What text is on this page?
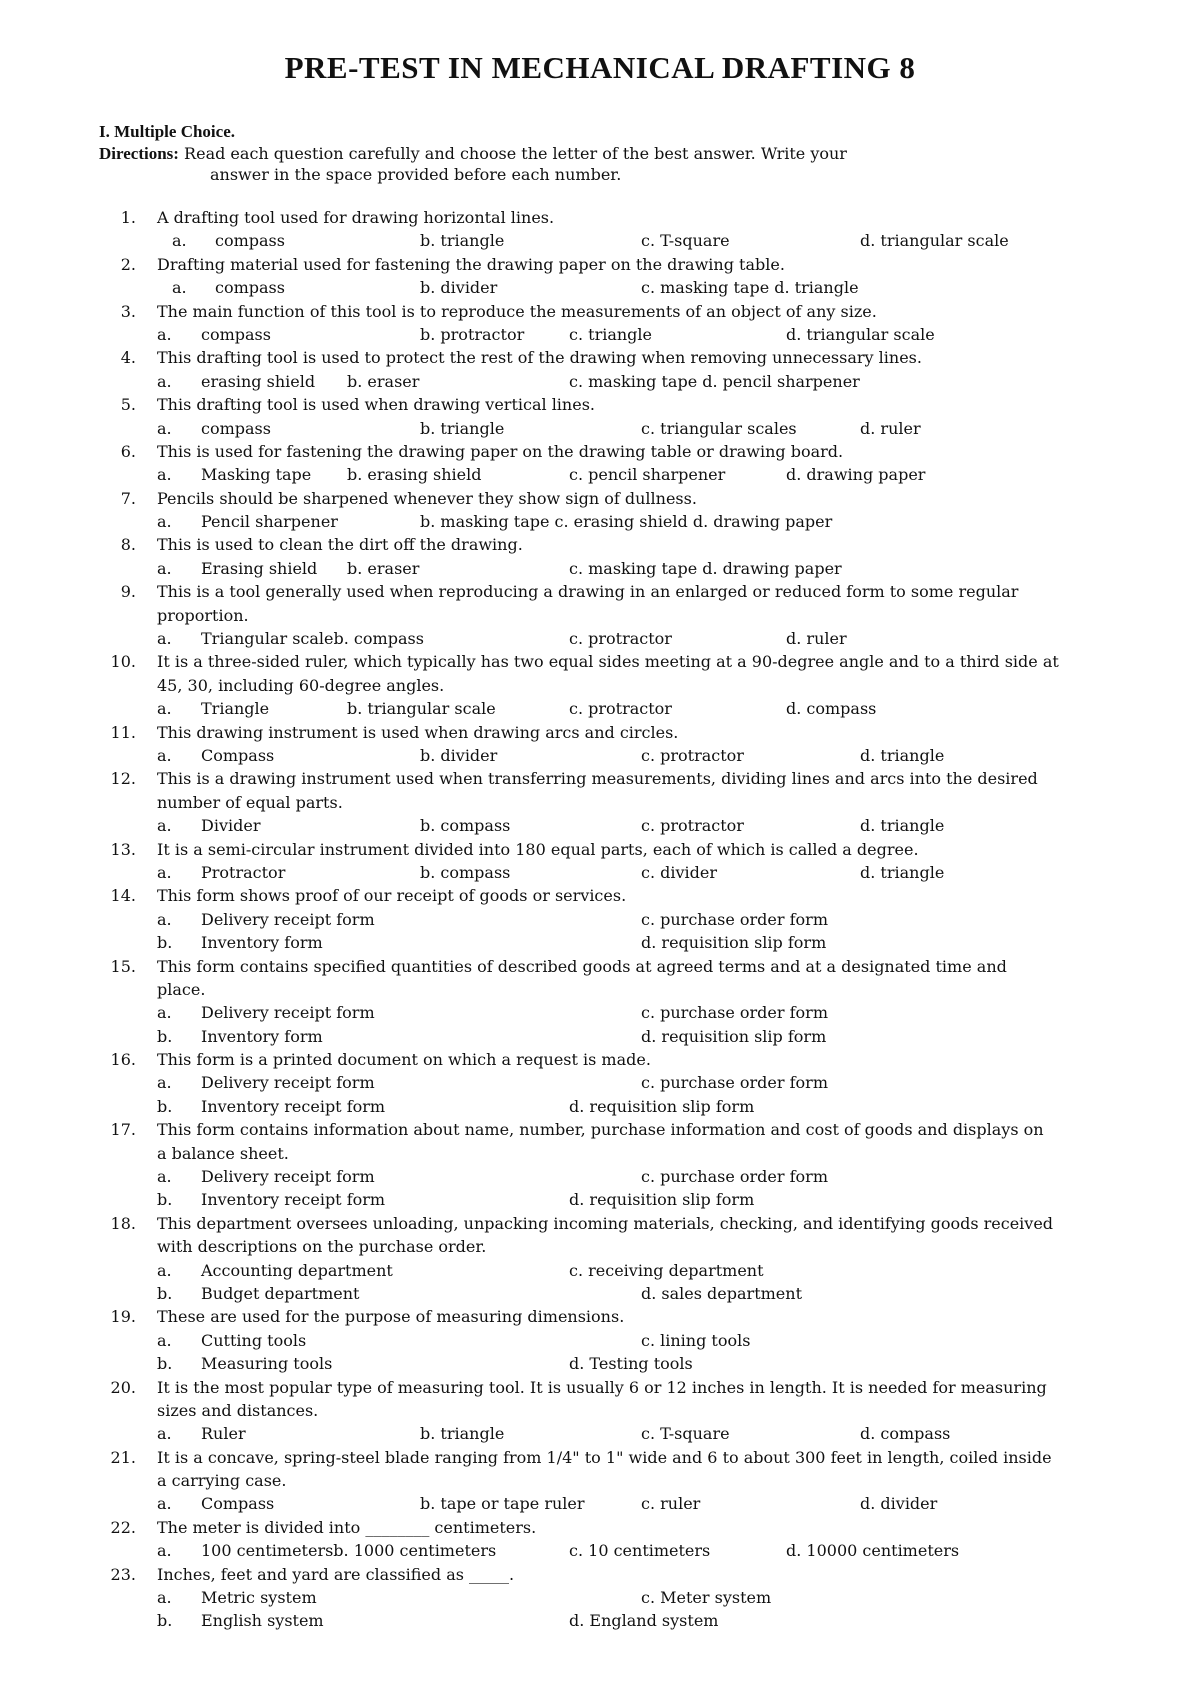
PRE-TEST IN MECHANICAL DRAFTING 8
I. Multiple Choice.
Directions: Read each question carefully and choose the letter of the best answer. Write your
answer in the space provided before each number.
1. A drafting tool used for drawing horizontal lines.
a. compass	b. triangle	c. T-square	d. triangular scale
2. Drafting material used for fastening the drawing paper on the drawing table.
a. compass	b. divider	c. masking tape d. triangle
3. The main function of this tool is to reproduce the measurements of an object of any size.
a. compass	b. protractor	c. triangle	d. triangular scale
4. This drafting tool is used to protect the rest of the drawing when removing unnecessary lines.
a. erasing shield b. eraser	c. masking tape d. pencil sharpener
5. This drafting tool is used when drawing vertical lines.
a. compass	b. triangle	c. triangular scales	d. ruler
6. This is used for fastening the drawing paper on the drawing table or drawing board.
a. Masking tape b. erasing shield	c. pencil sharpener	d. drawing paper
7. Pencils should be sharpened whenever they show sign of dullness.
a. Pencil sharpener	b. masking tape c. erasing shield d. drawing paper
8. This is used to clean the dirt off the drawing.
a. Erasing shield b. eraser	c. masking tape d. drawing paper
9. This is a tool generally used when reproducing a drawing in an enlarged or reduced form to some regular
proportion.
a. Triangular scaleb. compass	c. protractor	d. ruler
10. It is a three-sided ruler, which typically has two equal sides meeting at a 90-degree angle and to a third side at
45, 30, including 60-degree angles.
a. Triangle	b. triangular scale	c. protractor	d. compass
11. This drawing instrument is used when drawing arcs and circles.
a. Compass	b. divider	c. protractor	d. triangle
12. This is a drawing instrument used when transferring measurements, dividing lines and arcs into the desired
number of equal parts.
a. Divider	b. compass	c. protractor	d. triangle
13. It is a semi-circular instrument divided into 180 equal parts, each of which is called a degree.
a. Protractor	b. compass	c. divider	d. triangle
14. This form shows proof of our receipt of goods or services.
a. Delivery receipt form	c. purchase order form
b. Inventory form	d. requisition slip form
15. This form contains specified quantities of described goods at agreed terms and at a designated time and
place.
a. Delivery receipt form	c. purchase order form
b. Inventory form	d. requisition slip form
16. This form is a printed document on which a request is made.
a. Delivery receipt form	c. purchase order form
b. Inventory receipt form	d. requisition slip form
17. This form contains information about name, number, purchase information and cost of goods and displays on
a balance sheet.
a. Delivery receipt form	c. purchase order form
b. Inventory receipt form	d. requisition slip form
18. This department oversees unloading, unpacking incoming materials, checking, and identifying goods received
with descriptions on the purchase order.
a. Accounting department	c. receiving department
b. Budget department	d. sales department
19. These are used for the purpose of measuring dimensions.
a. Cutting tools	c. lining tools
b. Measuring tools	d. Testing tools
20. It is the most popular type of measuring tool. It is usually 6 or 12 inches in length. It is needed for measuring
sizes and distances.
a. Ruler	b. triangle	c. T-square	d. compass
21. It is a concave, spring-steel blade ranging from 1/4" to 1" wide and 6 to about 300 feet in length, coiled inside
a carrying case.
a. Compass	b. tape or tape ruler	c. ruler	d. divider
22. The meter is divided into ________ centimeters.
a. 100 centimetersb. 1000 centimeters	c. 10 centimeters	d. 10000 centimeters
23. Inches, feet and yard are classified as _____.
a. Metric system	c. Meter system
b. English system	d. England system
